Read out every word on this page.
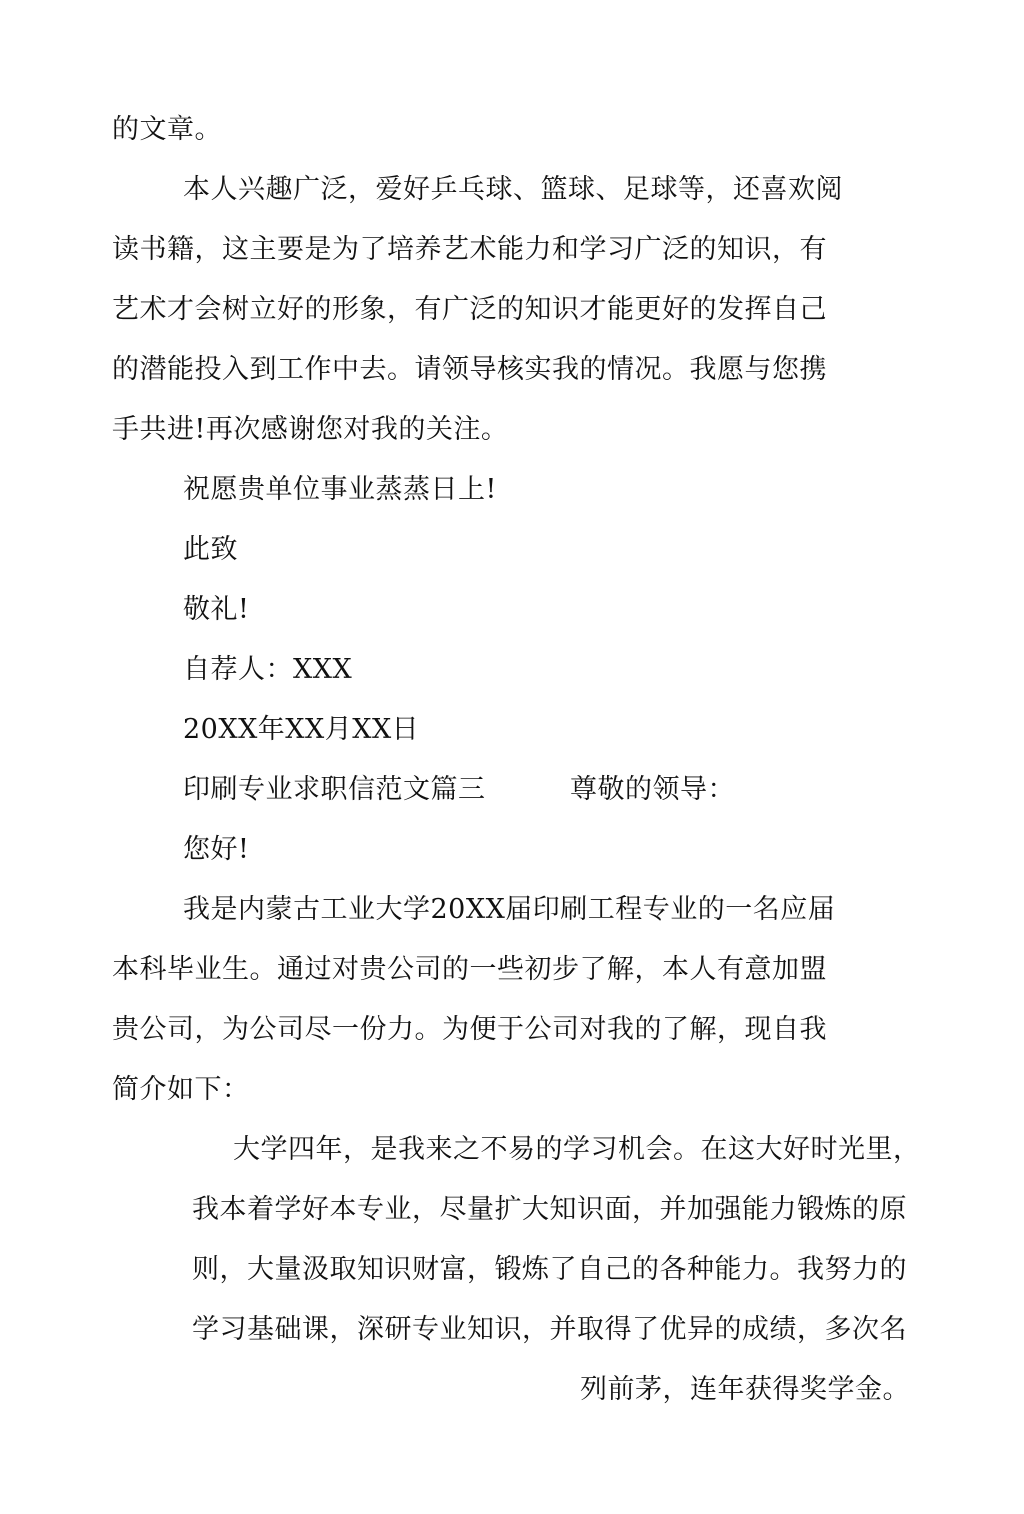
的文章。
本人兴趣广泛，爱好乒乓球、篮球、足球等，还喜欢阅
读书籍，这主要是为了培养艺术能力和学习广泛的知识，有
艺术才会树立好的形象，有广泛的知识才能更好的发挥自己
的潜能投入到工作中去。请领导核实我的情况。我愿与您携
手共进!再次感谢您对我的关注。
祝愿贵单位事业蒸蒸日上!
此致
敬礼!
自荐人：XXX
20XX年XX月XX日
印刷专业求职信范文篇三	尊敬的领导：
您好!
我是内蒙古工业大学20XX届印刷工程专业的一名应届
本科毕业生。通过对贵公司的一些初步了解，本人有意加盟
贵公司，为公司尽一份力。为便于公司对我的了解，现自我
简介如下：
大学四年，是我来之不易的学习机会。在这大好时光里，
我本着学好本专业，尽量扩大知识面，并加强能力锻炼的原
则，大量汲取知识财富，锻炼了自己的各种能力。我努力的
学习基础课，深研专业知识，并取得了优异的成绩，多次名
列前茅，连年获得奖学金。
